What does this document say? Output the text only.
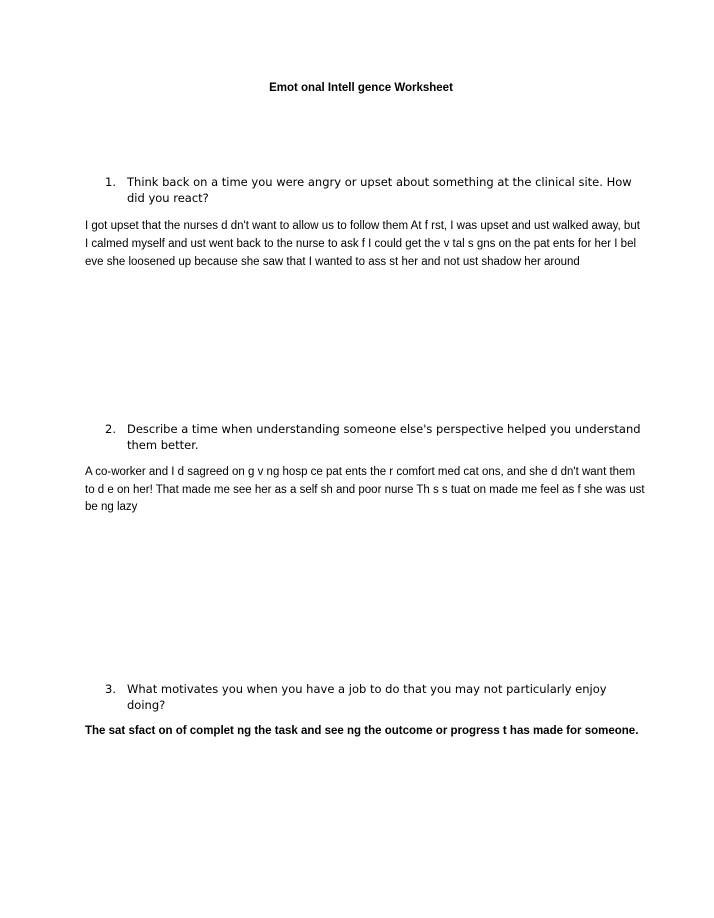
Emot onal Intell gence Worksheet
1. Think back on a time you were angry or upset about something at the clinical site. How did you react?
I got upset that the nurses d dn't want to allow us to follow them At f rst, I was upset and ust walked away, but I calmed myself and ust went back to the nurse to ask f I could get the v tal s gns on the pat ents for her I bel eve she loosened up because she saw that I wanted to ass st her and not ust shadow her around
2. Describe a time when understanding someone else's perspective helped you understand them better.
A co-worker and I d sagreed on g v ng hosp ce pat ents the r comfort med cat ons, and she d dn't want them to d e on her! That made me see her as a self sh and poor nurse Th s s tuat on made me feel as f she was ust be ng lazy
3. What motivates you when you have a job to do that you may not particularly enjoy doing?
The sat sfact on of complet ng the task and see ng the outcome or progress t has made for someone.
